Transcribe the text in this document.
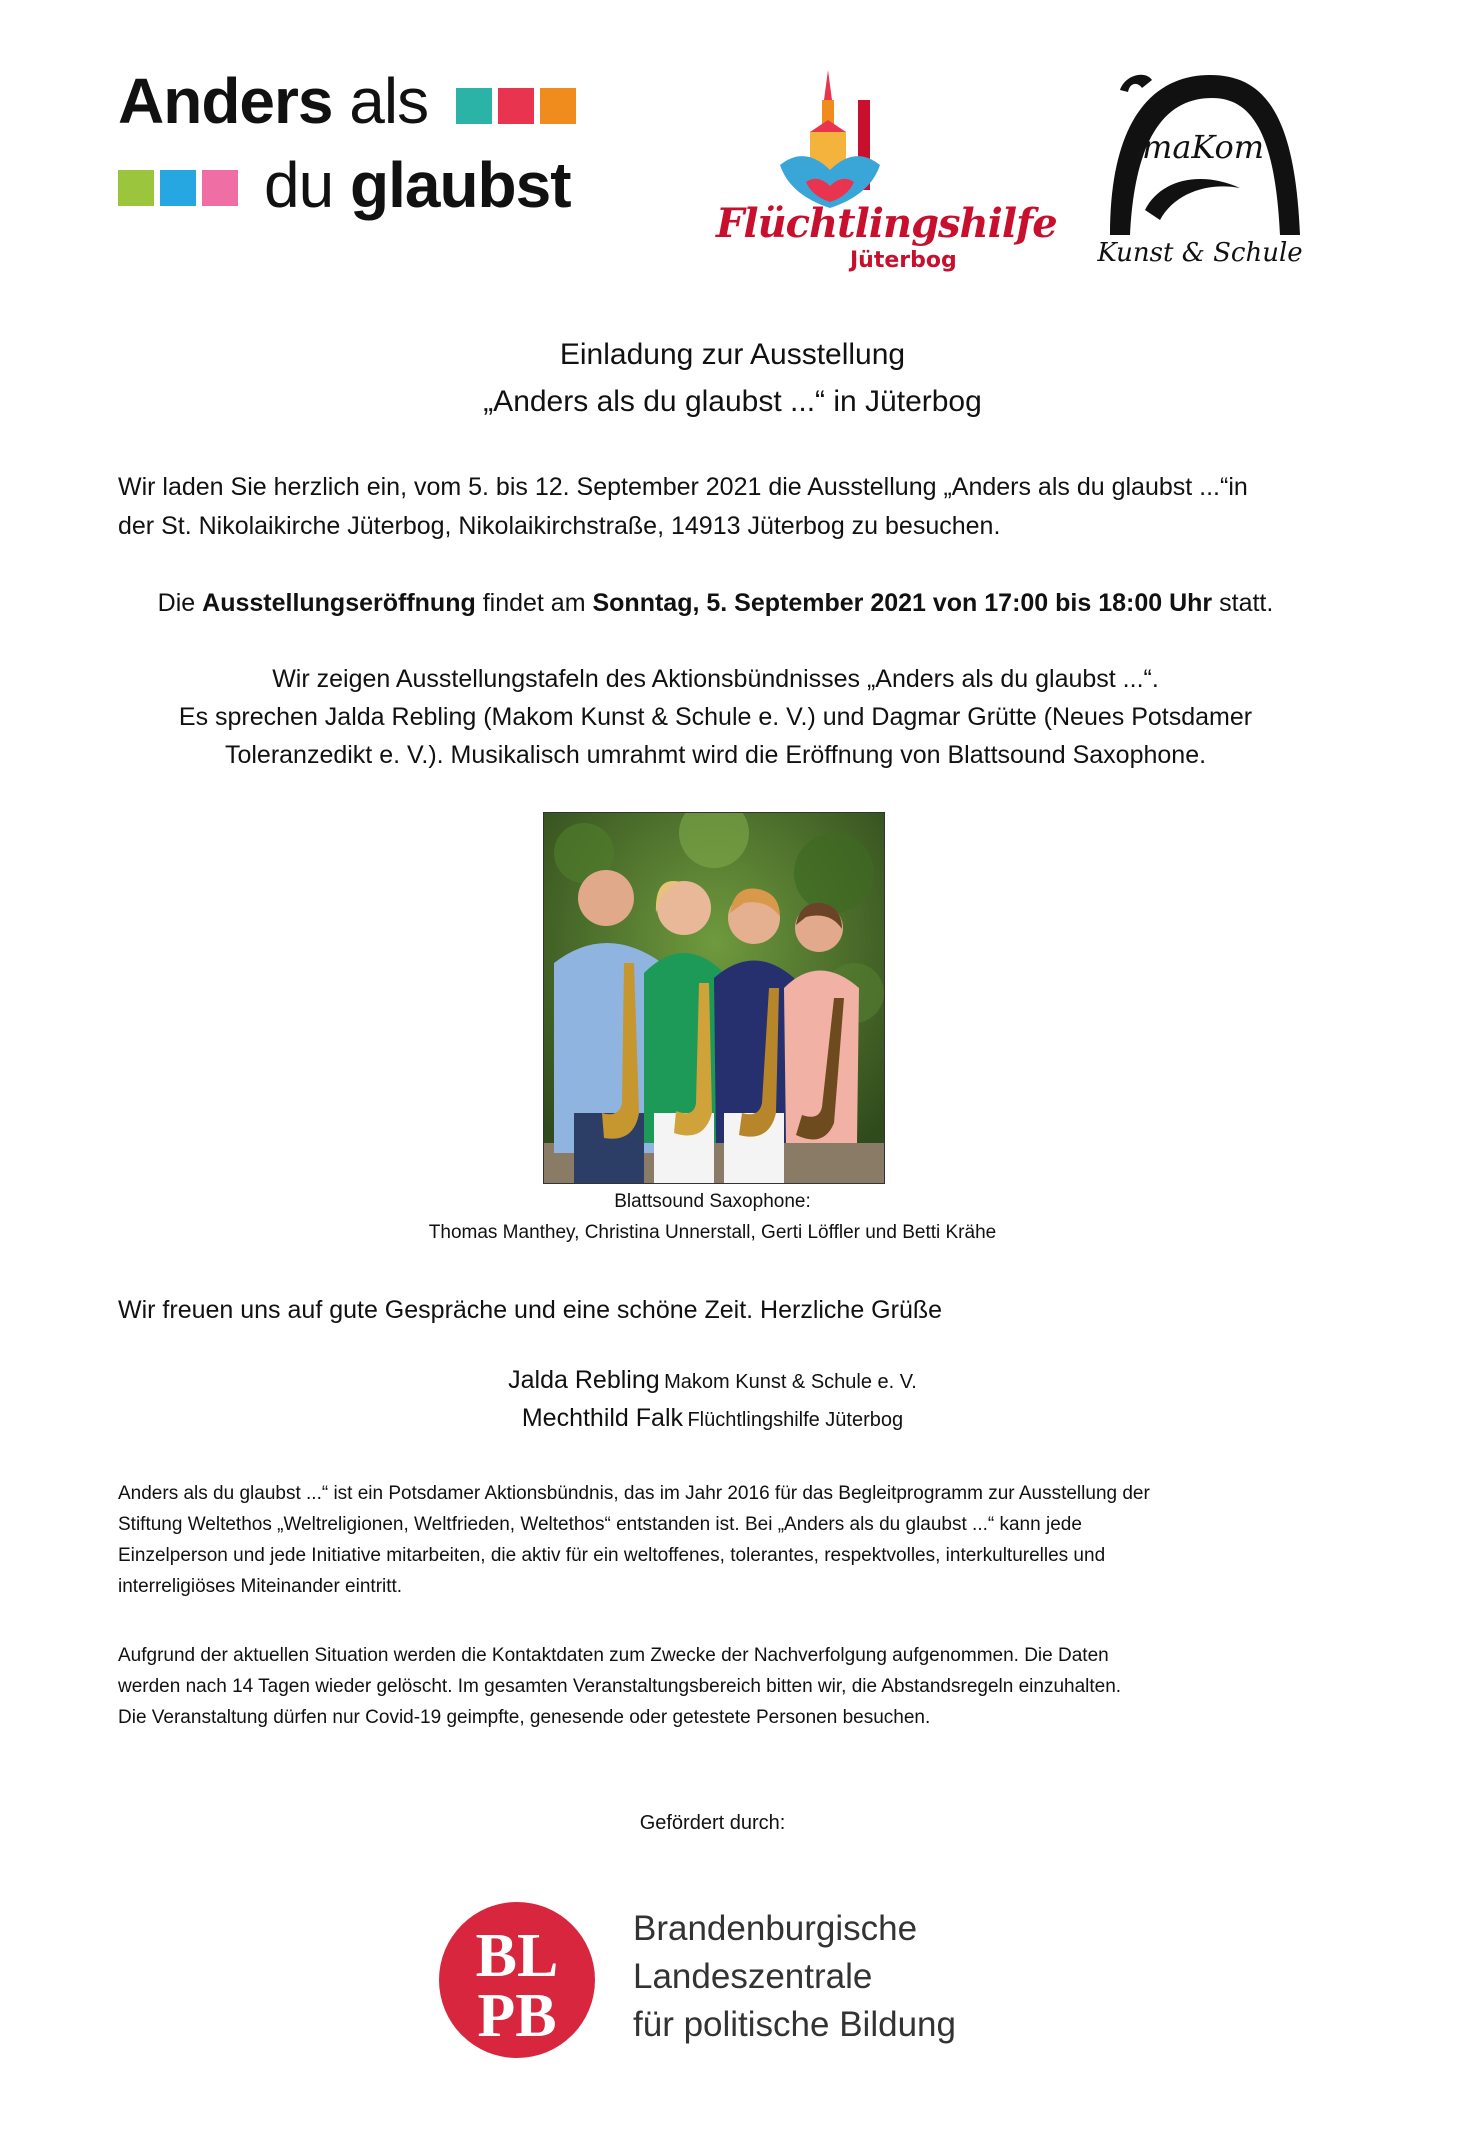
Anders als
du glaubst
Flüchtlingshilfe
Jüterbog
maKom
Kunst & Schule
Einladung zur Ausstellung
„Anders als du glaubst ...“ in Jüterbog
Wir laden Sie herzlich ein, vom 5. bis 12. September 2021 die Ausstellung „Anders als du glaubst ...“in
der St. Nikolaikirche Jüterbog, Nikolaikirchstraße, 14913 Jüterbog zu besuchen.
Die Ausstellungseröffnung findet am Sonntag, 5. September 2021 von 17:00 bis 18:00 Uhr statt.
Wir zeigen Ausstellungstafeln des Aktionsbündnisses „Anders als du glaubst ...“.
Es sprechen Jalda Rebling (Makom Kunst & Schule e. V.) und Dagmar Grütte (Neues Potsdamer
Toleranzedikt e. V.). Musikalisch umrahmt wird die Eröffnung von Blattsound Saxophone.
Blattsound Saxophone:
Thomas Manthey, Christina Unnerstall, Gerti Löffler und Betti Krähe
Wir freuen uns auf gute Gespräche und eine schöne Zeit. Herzliche Grüße
Jalda Rebling Makom Kunst & Schule e. V.
Mechthild Falk Flüchtlingshilfe Jüterbog
Anders als du glaubst ...“ ist ein Potsdamer Aktionsbündnis, das im Jahr 2016 für das Begleitprogramm zur Ausstellung der
Stiftung Weltethos „Weltreligionen, Weltfrieden, Weltethos“ entstanden ist. Bei „Anders als du glaubst ...“ kann jede
Einzelperson und jede Initiative mitarbeiten, die aktiv für ein weltoffenes, tolerantes, respektvolles, interkulturelles und
interreligiöses Miteinander eintritt.
Aufgrund der aktuellen Situation werden die Kontaktdaten zum Zwecke der Nachverfolgung aufgenommen. Die Daten
werden nach 14 Tagen wieder gelöscht. Im gesamten Veranstaltungsbereich bitten wir, die Abstandsregeln einzuhalten.
Die Veranstaltung dürfen nur Covid-19 geimpfte, genesende oder getestete Personen besuchen.
Gefördert durch:
BL
PB
Brandenburgische
Landeszentrale
für politische Bildung
